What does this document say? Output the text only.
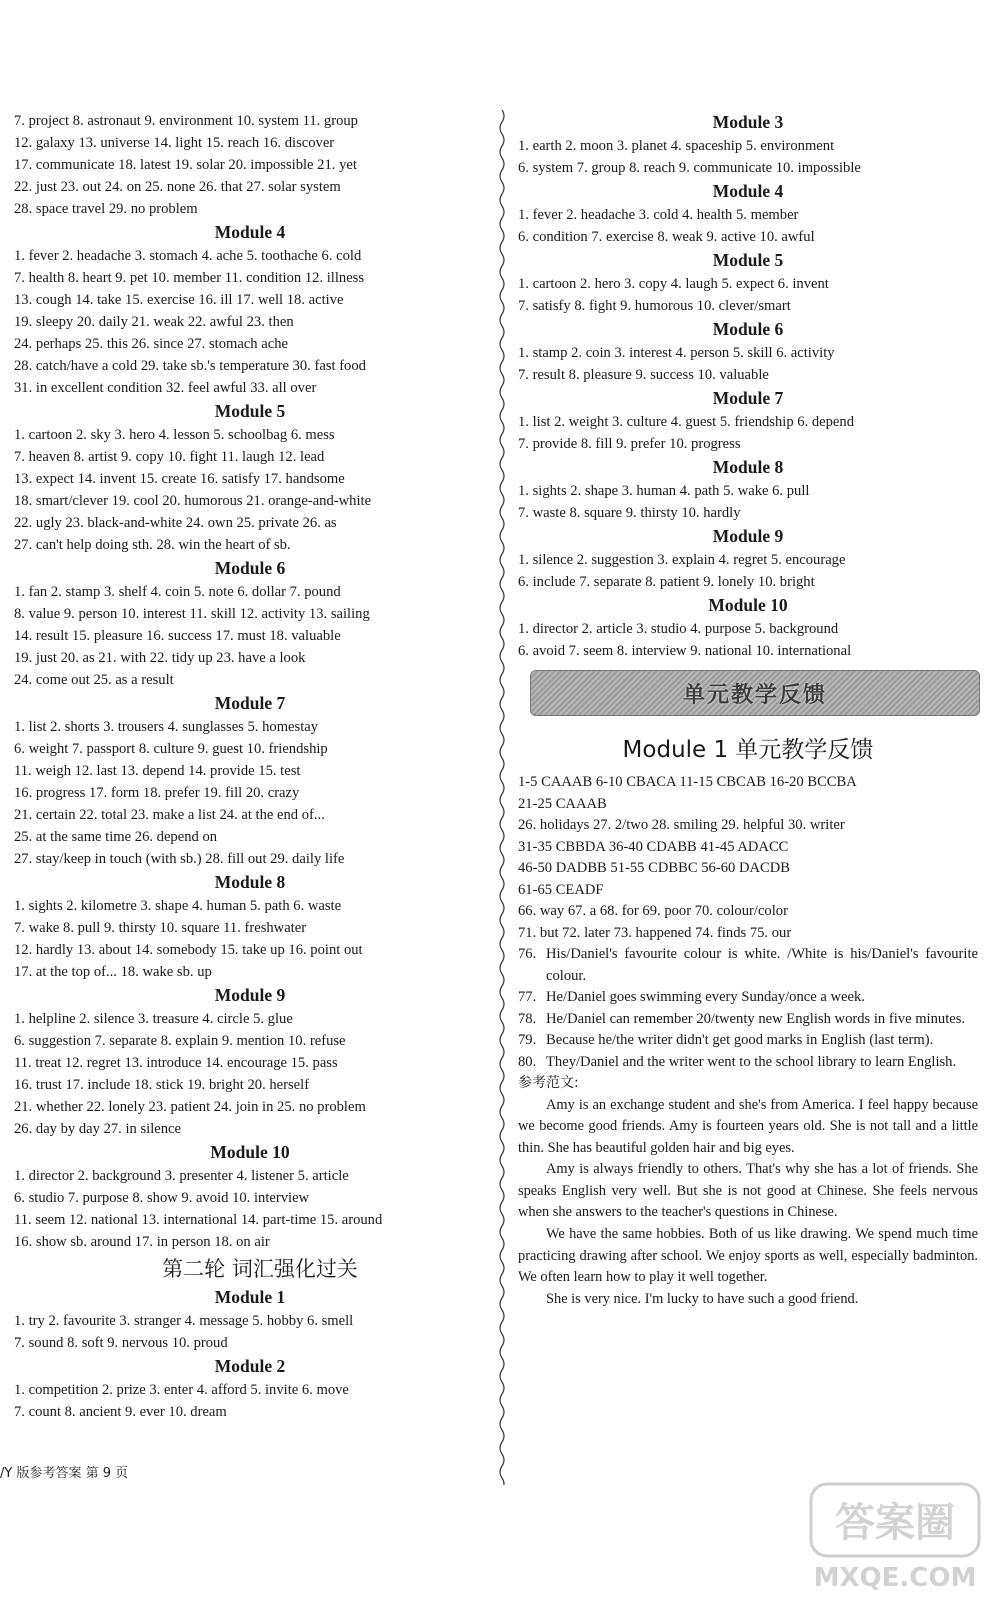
7. project 8. astronaut 9. environment 10. system 11. group
12. galaxy 13. universe 14. light 15. reach 16. discover
17. communicate 18. latest 19. solar 20. impossible 21. yet
22. just 23. out 24. on 25. none 26. that 27. solar system
28. space travel 29. no problem
Module 4
1. fever 2. headache 3. stomach 4. ache 5. toothache 6. cold
7. health 8. heart 9. pet 10. member 11. condition 12. illness
13. cough 14. take 15. exercise 16. ill 17. well 18. active
19. sleepy 20. daily 21. weak 22. awful 23. then
24. perhaps 25. this 26. since 27. stomach ache
28. catch/have a cold 29. take sb.'s temperature 30. fast food
31. in excellent condition 32. feel awful 33. all over
Module 5
1. cartoon 2. sky 3. hero 4. lesson 5. schoolbag 6. mess
7. heaven 8. artist 9. copy 10. fight 11. laugh 12. lead
13. expect 14. invent 15. create 16. satisfy 17. handsome
18. smart/clever 19. cool 20. humorous 21. orange-and-white
22. ugly 23. black-and-white 24. own 25. private 26. as
27. can't help doing sth. 28. win the heart of sb.
Module 6
1. fan 2. stamp 3. shelf 4. coin 5. note 6. dollar 7. pound
8. value 9. person 10. interest 11. skill 12. activity 13. sailing
14. result 15. pleasure 16. success 17. must 18. valuable
19. just 20. as 21. with 22. tidy up 23. have a look
24. come out 25. as a result
Module 7
1. list 2. shorts 3. trousers 4. sunglasses 5. homestay
6. weight 7. passport 8. culture 9. guest 10. friendship
11. weigh 12. last 13. depend 14. provide 15. test
16. progress 17. form 18. prefer 19. fill 20. crazy
21. certain 22. total 23. make a list 24. at the end of...
25. at the same time 26. depend on
27. stay/keep in touch (with sb.) 28. fill out 29. daily life
Module 8
1. sights 2. kilometre 3. shape 4. human 5. path 6. waste
7. wake 8. pull 9. thirsty 10. square 11. freshwater
12. hardly 13. about 14. somebody 15. take up 16. point out
17. at the top of... 18. wake sb. up
Module 9
1. helpline 2. silence 3. treasure 4. circle 5. glue
6. suggestion 7. separate 8. explain 9. mention 10. refuse
11. treat 12. regret 13. introduce 14. encourage 15. pass
16. trust 17. include 18. stick 19. bright 20. herself
21. whether 22. lonely 23. patient 24. join in 25. no problem
26. day by day 27. in silence
Module 10
1. director 2. background 3. presenter 4. listener 5. article
6. studio 7. purpose 8. show 9. avoid 10. interview
11. seem 12. national 13. international 14. part-time 15. around
16. show sb. around 17. in person 18. on air
第二轮 词汇强化过关
Module 1
1. try 2. favourite 3. stranger 4. message 5. hobby 6. smell
7. sound 8. soft 9. nervous 10. proud
Module 2
1. competition 2. prize 3. enter 4. afford 5. invite 6. move
7. count 8. ancient 9. ever 10. dream
Module 3
1. earth 2. moon 3. planet 4. spaceship 5. environment
6. system 7. group 8. reach 9. communicate 10. impossible
Module 4
1. fever 2. headache 3. cold 4. health 5. member
6. condition 7. exercise 8. weak 9. active 10. awful
Module 5
1. cartoon 2. hero 3. copy 4. laugh 5. expect 6. invent
7. satisfy 8. fight 9. humorous 10. clever/smart
Module 6
1. stamp 2. coin 3. interest 4. person 5. skill 6. activity
7. result 8. pleasure 9. success 10. valuable
Module 7
1. list 2. weight 3. culture 4. guest 5. friendship 6. depend
7. provide 8. fill 9. prefer 10. progress
Module 8
1. sights 2. shape 3. human 4. path 5. wake 6. pull
7. waste 8. square 9. thirsty 10. hardly
Module 9
1. silence 2. suggestion 3. explain 4. regret 5. encourage
6. include 7. separate 8. patient 9. lonely 10. bright
Module 10
1. director 2. article 3. studio 4. purpose 5. background
6. avoid 7. seem 8. interview 9. national 10. international
单元教学反馈
Module 1 单元教学反馈
1-5 CAAAB 6-10 CBACA 11-15 CBCAB 16-20 BCCBA
21-25 CAAAB
26. holidays 27. 2/two 28. smiling 29. helpful 30. writer
31-35 CBBDA 36-40 CDABB 41-45 ADACC
46-50 DADBB 51-55 CDBBC 56-60 DACDB
61-65 CEADF
66. way 67. a 68. for 69. poor 70. colour/color
71. but 72. later 73. happened 74. finds 75. our
76. His/Daniel's favourite colour is white. /White is his/Daniel's favourite colour.
77. He/Daniel goes swimming every Sunday/once a week.
78. He/Daniel can remember 20/twenty new English words in five minutes.
79. Because he/the writer didn't get good marks in English (last term).
80. They/Daniel and the writer went to the school library to learn English.
参考范文:
Amy is an exchange student and she's from America. I feel happy because we become good friends. Amy is fourteen years old. She is not tall and a little thin. She has beautiful golden hair and big eyes.
Amy is always friendly to others. That's why she has a lot of friends. She speaks English very well. But she is not good at Chinese. She feels nervous when she answers to the teacher's questions in Chinese.
We have the same hobbies. Both of us like drawing. We spend much time practicing drawing after school. We enjoy sports as well, especially badminton. We often learn how to play it well together.
She is very nice. I'm lucky to have such a good friend.
/Y 版参考答案 第 9 页
答案圈
MXQE.COM
